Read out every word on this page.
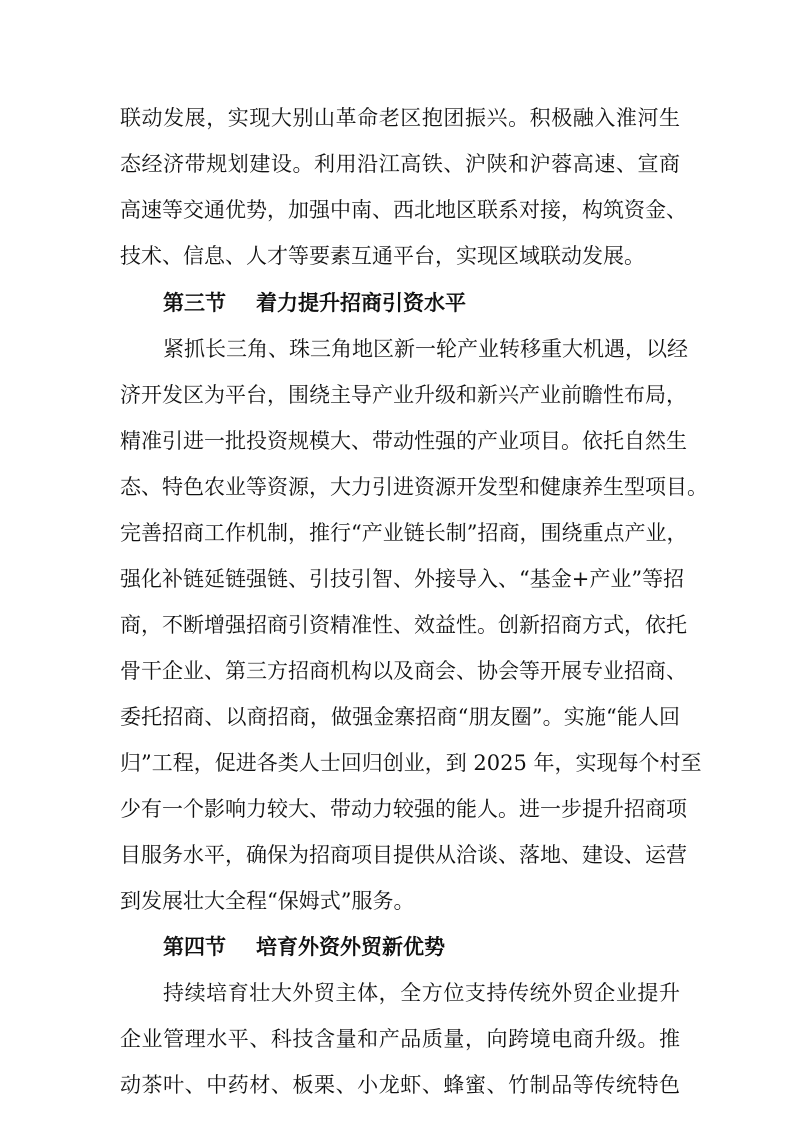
联动发展，实现大别山革命老区抱团振兴。积极融入淮河生
态经济带规划建设。利用沿江高铁、沪陕和沪蓉高速、宣商
高速等交通优势，加强中南、西北地区联系对接，构筑资金、
技术、信息、人才等要素互通平台，实现区域联动发展。
第三节 着力提升招商引资水平
紧抓长三角、珠三角地区新一轮产业转移重大机遇，以经
济开发区为平台，围绕主导产业升级和新兴产业前瞻性布局，
精准引进一批投资规模大、带动性强的产业项目。依托自然生
态、特色农业等资源，大力引进资源开发型和健康养生型项目。
完善招商工作机制，推行“产业链长制”招商，围绕重点产业，
强化补链延链强链、引技引智、外接导入、“基金+产业”等招
商，不断增强招商引资精准性、效益性。创新招商方式，依托
骨干企业、第三方招商机构以及商会、协会等开展专业招商、
委托招商、以商招商，做强金寨招商“朋友圈”。实施“能人回
归”工程，促进各类人士回归创业，到 2025 年，实现每个村至
少有一个影响力较大、带动力较强的能人。进一步提升招商项
目服务水平，确保为招商项目提供从洽谈、落地、建设、运营
到发展壮大全程“保姆式”服务。
第四节 培育外资外贸新优势
持续培育壮大外贸主体，全方位支持传统外贸企业提升
企业管理水平、科技含量和产品质量，向跨境电商升级。推
动茶叶、中药材、板栗、小龙虾、蜂蜜、竹制品等传统特色
